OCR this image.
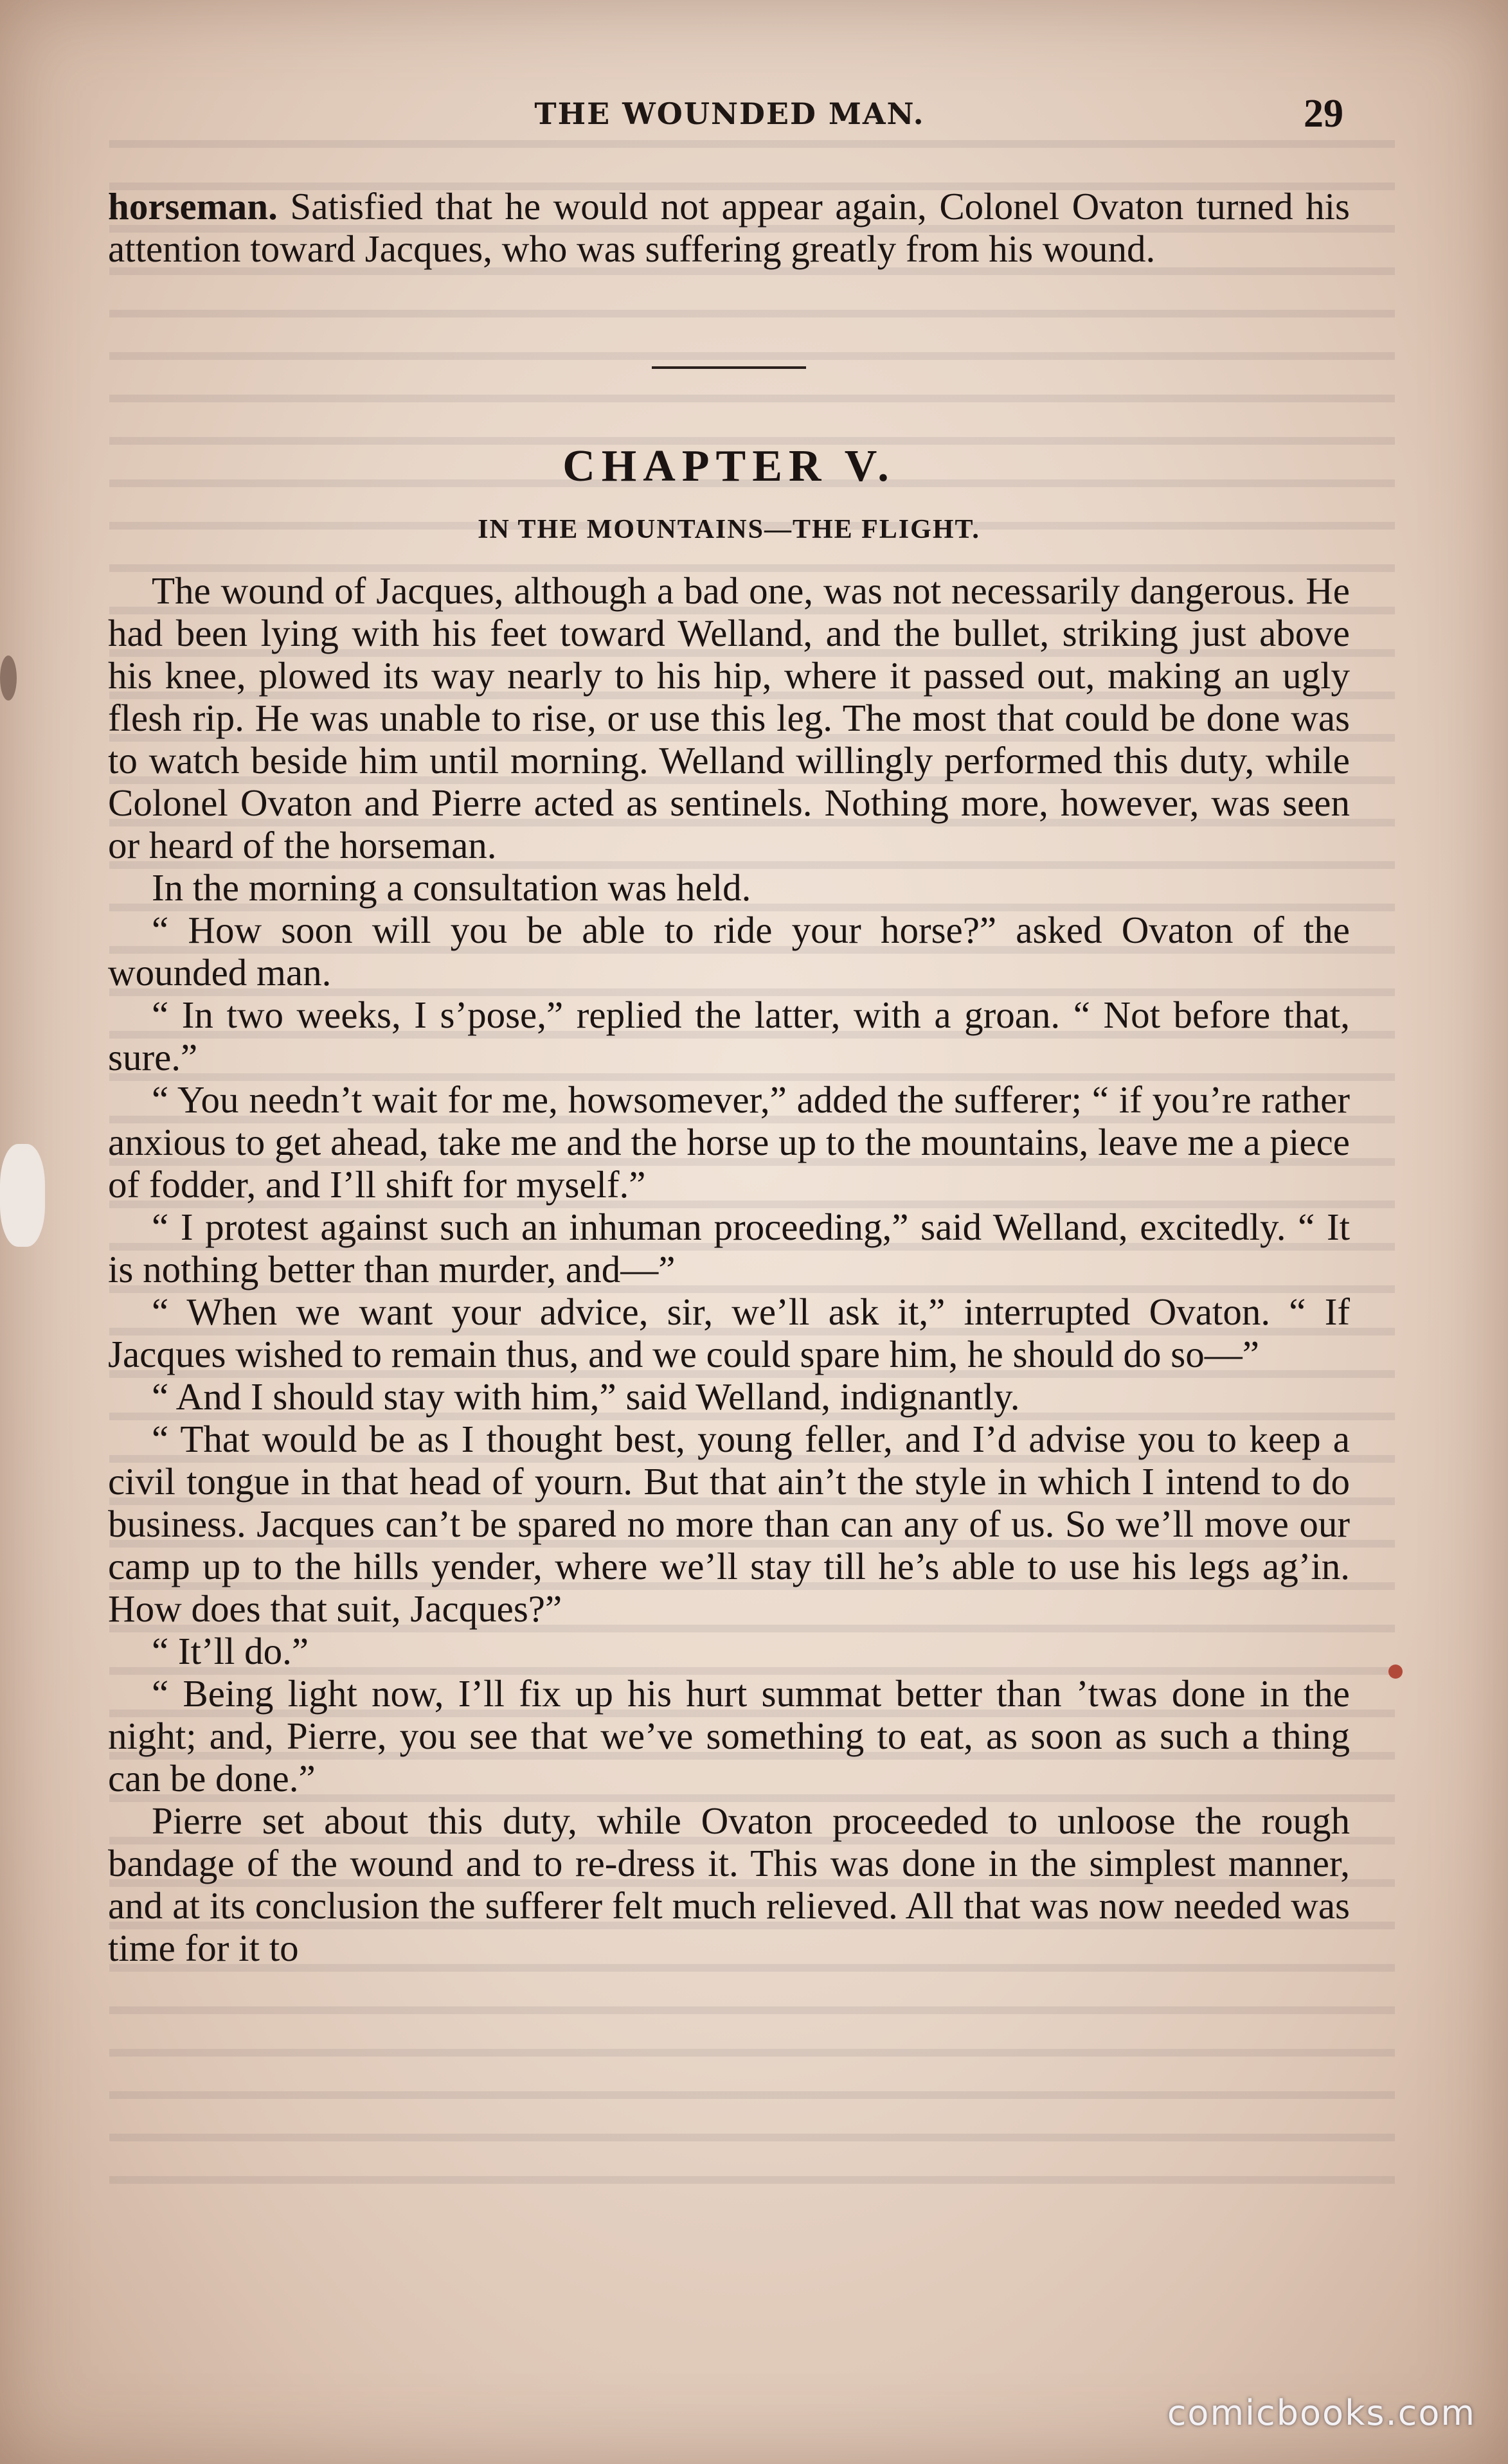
THE WOUNDED MAN.	29

horseman. Satisfied that he would not appear again, Colonel Ovaton turned his attention toward Jacques, who was suffering greatly from his wound.

CHAPTER V.
IN THE MOUNTAINS—THE FLIGHT.

The wound of Jacques, although a bad one, was not necessarily dangerous. He had been lying with his feet toward Welland, and the bullet, striking just above his knee, plowed its way nearly to his hip, where it passed out, making an ugly flesh rip. He was unable to rise, or use this leg. The most that could be done was to watch beside him until morning. Welland willingly performed this duty, while Colonel Ovaton and Pierre acted as sentinels. Nothing more, however, was seen or heard of the horseman.

In the morning a consultation was held.

“ How soon will you be able to ride your horse?” asked Ovaton of the wounded man.

“ In two weeks, I s’pose,” replied the latter, with a groan. “ Not before that, sure.”

“ You needn’t wait for me, howsomever,” added the sufferer; “ if you’re rather anxious to get ahead, take me and the horse up to the mountains, leave me a piece of fodder, and I’ll shift for myself.”

“ I protest against such an inhuman proceeding,” said Welland, excitedly. “ It is nothing better than murder, and—”

“ When we want your advice, sir, we’ll ask it,” interrupted Ovaton. “ If Jacques wished to remain thus, and we could spare him, he should do so—”

“ And I should stay with him,” said Welland, indignantly.

“ That would be as I thought best, young feller, and I’d advise you to keep a civil tongue in that head of yourn. But that ain’t the style in which I intend to do business. Jacques can’t be spared no more than can any of us. So we’ll move our camp up to the hills yender, where we’ll stay till he’s able to use his legs ag’in. How does that suit, Jacques?”

“ It’ll do.”

“ Being light now, I’ll fix up his hurt summat better than ’twas done in the night; and, Pierre, you see that we’ve something to eat, as soon as such a thing can be done.”

Pierre set about this duty, while Ovaton proceeded to unloose the rough bandage of the wound and to re-dress it. This was done in the simplest manner, and at its conclusion the sufferer felt much relieved. All that was now needed was time for it to

comicbooks.com
